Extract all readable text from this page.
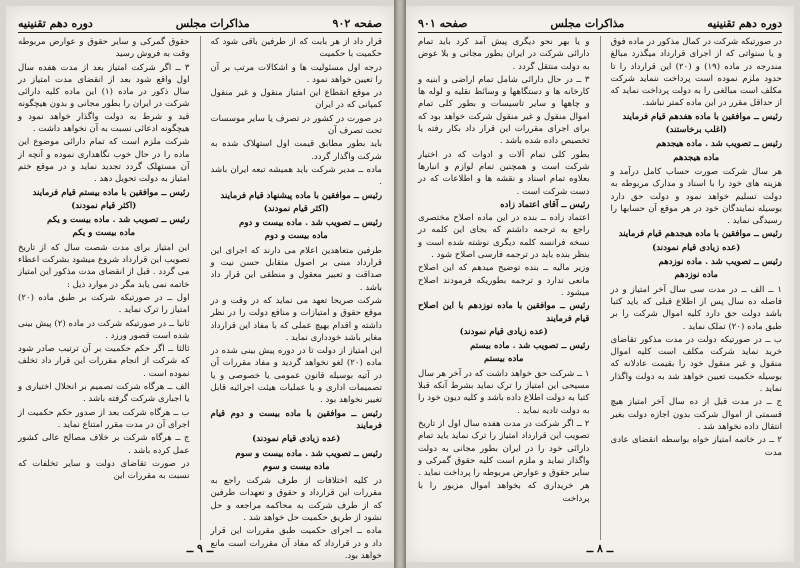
صفحه ۹۰۲
مذاکرات مجلس
دوره دهم تقنینیه

قرار داد از هر بابت که از طرفین باقی شود که حکمیت با حکمیت

درجه اول مسئولیت ها و اشکالات مرتب بر آن را تعیین خواهد نمود .

در موقع انقطاع این امتیاز منقول و غیر منقول کمپانی که در ایران

در صورت در کشور در تصرف یا سایر موسسات تحت تصرف آن

باید بطور مطابق قیمت اول استهلاک شده به شرکت واگذار گردد.

ماده ــ مدیر شرکت باید همیشه تبعه ایران باشد .

رئیس ــ موافقین با ماده پیشنهاد قیام فرمایند

(اکثر قیام نمودند)

رئیس ــ تصویب شد . ماده بیست و دوم

ماده بیست و دوم

طرفین متعاهدین اعلام می دارند که اجرای این قرارداد مبنی بر اصول متقابل حسن نیت و صداقت و تعبیر معقول و منطقی این قرار داد باشد .

شرکت صریحا تعهد می نماید که در وقت و در موقع حقوق و امتیازات و منافع دولت را در نظر داشته و اقدام بهیچ عملی که با مفاد این قرارداد مغایر باشد خودداری نماید .

این امتیاز از دولت تا در دوره پیش بینی شده در ماده (۲۰) لغو نخواهد گردید و مفاد مقررات آن در آتیه بوسیله قانون عمومی یا خصوصی و یا تصمیمات اداری و یا عملیات هیئت اجرائیه قابل تغییر نخواهد بود .

رئیس ــ موافقین با ماده بیست و دوم قیام فرمایند

(عده زیادی قیام نمودند)

رئیس ــ تصویب شد . ماده بیست و سوم

ماده بیست و سوم

در کلیه اختلافات از طرف شرکت راجع به مقررات این قرارداد و حقوق و تعهدات طرفین که از طرف شرکت به محاکمه مراجعه و حل نشود از طریق حکمیت حل خواهد شد .

ماده ــ اجرای حکمیت طبق مقررات این قرار داد و در قرارداد که مفاد آن مقررات است مانع خواهد بود.

حقوق گمرکی و سایر حقوق و عوارض مربوطه وقت به فروش رسید

۳ ــ اگر شرکت امتیاز بعد از مدت هفده سال اول واقع شود بعد از انقضای مدت امتیاز در سال ذکور در ماده (۱) این ماده کلیه دارائی شرکت در ایران را بطور مجانی و بدون هیچگونه قید و شرط به دولت واگذار خواهد نمود و هیچگونه ادعائی نسبت به آن نخواهد داشت .

شرکت ملزم است که تمام دارائی موضوع این ماده را در حال خوب نگاهداری نموده و آنچه از آن مستهلک گردد تجدید نماید و در موقع ختم امتیاز به دولت تحویل دهد .

رئیس ــ موافقین با ماده بیستم قیام فرمایند

(اکثر قیام نمودند)

رئیس ــ تصویب شد . ماده بیست و یکم

ماده بیست و یکم

این امتیاز برای مدت شصت سال که از تاریخ تصویب این قرارداد شروع میشود بشرکت اعطاء می گردد . قبل از انقضای مدت مذکور این امتیاز خاتمه نمی یابد مگر در موارد ذیل :

اول ــ در صورتیکه شرکت بر طبق ماده (۲۰) امتیاز را ترک نماید .

ثانیا ــ در صورتیکه شرکت در ماده (۲) پیش بینی شده است قصور ورزد .

ثالثا ــ اگر حکم حکمیت بر آن ترتیب صادر شود که شرکت از انجام مقررات این قرار داد تخلف نموده است .

الف ــ هرگاه شرکت تصمیم بر انحلال اختیاری و یا اجباری شرکت گرفته باشد .

ب ــ هرگاه شرکت بعد از صدور حکم حکمیت از اجرای آن در مدت مقرر امتناع نماید .

ج ــ هرگاه شرکت بر خلاف مصالح عالی کشور عمل کرده باشد .

در صورت تقاضای دولت و سایر تخلفات که نسبت به مقررات این

ــ ۹ ــ
دوره دهم تقنینیه
مذاکرات مجلس
صفحه ۹۰۱

در صورتیکه شرکت در کمال مذکور در ماده فوق و یا سنواتی که از اجرای قرارداد میگذرد مبالغ مندرجه در ماده (۱۹) و (۲۰) این قرارداد را تا حدود ملزم نموده است پرداخت ننماید شرکت مکلف است مبالغی را به دولت پرداخت نماید که از حداقل مقرر در این ماده کمتر نباشد.

رئیس ــ موافقین با ماده هفدهم قیام فرمایند

(اغلب برخاستند)

رئیس ــ تصویب شد . ماده هیجدهم

ماده هیجدهم

هر سال شرکت صورت حساب کامل درآمد و هزینه های خود را با اسناد و مدارک مربوطه به دولت تسلیم خواهد نمود و دولت حق دارد بوسیله نمایندگان خود در هر موقع آن حسابها را رسیدگی نماید .

رئیس ــ موافقین با ماده هیجدهم قیام فرمایند

(عده زیادی قیام نمودند)

رئیس ــ تصویب شد . ماده نوزدهم

ماده نوزدهم

۱ ــ الف ــ در مدت سی سال آخر امتیاز و در فاصله ده سال پس از اطلاع قبلی که باید کتبا باشد دولت حق دارد کلیه اموال شرکت را بر طبق ماده (۲۰) تملک نماید .

ب ــ در صورتیکه دولت در مدت مذکور تقاضای خرید نماید شرکت مکلف است کلیه اموال منقول و غیر منقول خود را بقیمت عادلانه که بوسیله حکمیت تعیین خواهد شد به دولت واگذار نماید .

ج ــ در مدت قبل از ده سال آخر امتیاز هیچ قسمتی از اموال شرکت بدون اجازه دولت بغیر انتقال داده نخواهد شد .

۲ ــ در خاتمه امتیاز خواه بواسطه انقضای عادی مدت

و یا بهر نحو دیگری پیش آمد کرد باید تمام دارائی شرکت در ایران بطور مجانی و بلا عوض به دولت منتقل گردد .

۳ ــ در حال دارائی شامل تمام اراضی و ابنیه و کارخانه ها و دستگاهها و وسائط نقلیه و لوله ها و چاهها و سایر تاسیسات و بطور کلی تمام اموال منقول و غیر منقول شرکت خواهد بود که برای اجرای مقررات این قرار داد بکار رفته یا تخصیص داده شده باشد .

بطور کلی تمام آلات و ادوات که در اختیار شرکت است و همچنین تمام لوازم و انبارها بعلاوه تمام اسناد و نقشه ها و اطلاعات که در دست شرکت است .

رئیس ــ آقای اعتماد زاده

اعتماد زاده ــ بنده در این ماده اصلاح مختصری راجع به ترجمه داشتم که بجای این کلمه در نسخه فرانسه کلمه دیگری نوشته شده است و بنظر بنده باید در ترجمه فارسی اصلاح شود .

وزیر مالیه ــ بنده توضیح میدهم که این اصلاح مانعی ندارد و ترجمه بطوریکه فرمودند اصلاح میشود .

رئیس ــ موافقین با ماده نوزدهم با این اصلاح قیام فرمایند

(عده زیادی قیام نمودند)

رئیس ــ تصویب شد . ماده بیستم

ماده بیستم

۱ ــ شرکت حق خواهد داشت که در آخر هر سال مسیحی این امتیاز را ترک نماید بشرط آنکه قبلا کتبا به دولت اطلاع داده باشد و کلیه دیون خود را به دولت تادیه نماید .

۲ ــ اگر شرکت در مدت هفده سال اول از تاریخ تصویب این قرارداد امتیاز را ترک نماید باید تمام دارائی خود را در ایران بطور مجانی به دولت واگذار نماید و ملزم است کلیه حقوق گمرکی و سایر حقوق و عوارض مربوطه را پرداخت نماید .

هر خریداری که بخواهد اموال مزبور را با پرداخت

ــ ۸ ــ
